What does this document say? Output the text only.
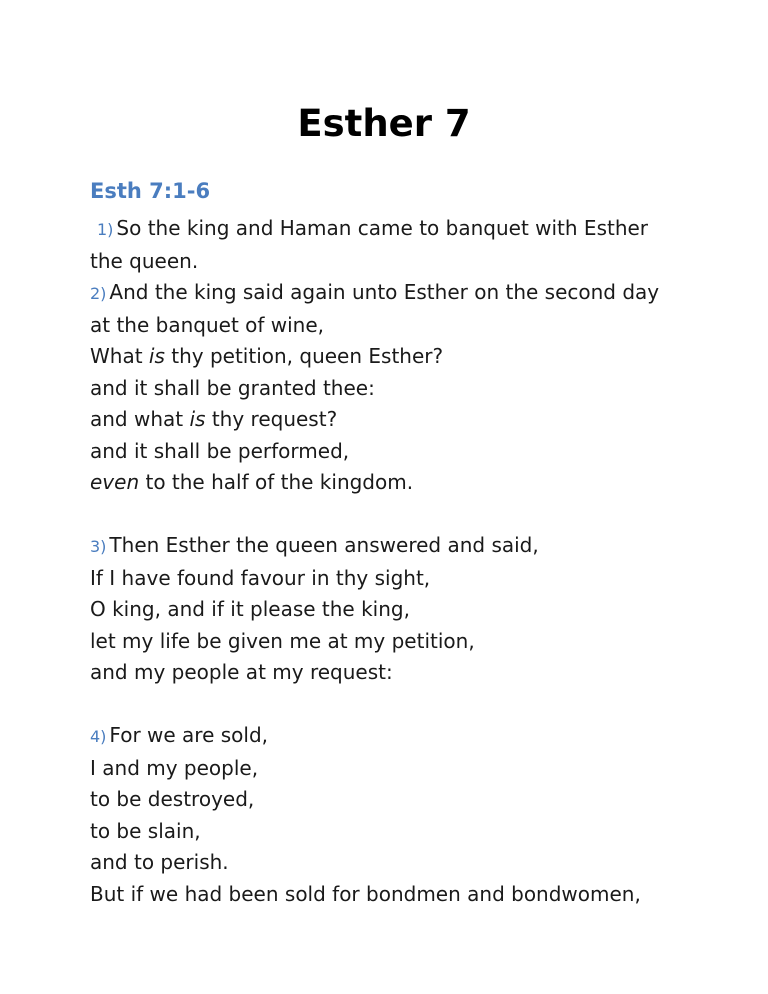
Esther 7
Esth 7:1-6
1) So the king and Haman came to banquet with Esther
the queen.
2) And the king said again unto Esther on the second day
at the banquet of wine,
What is thy petition, queen Esther?
and it shall be granted thee:
and what is thy request?
and it shall be performed,
even to the half of the kingdom.
3) Then Esther the queen answered and said,
If I have found favour in thy sight,
O king, and if it please the king,
let my life be given me at my petition,
and my people at my request:
4) For we are sold,
I and my people,
to be destroyed,
to be slain,
and to perish.
But if we had been sold for bondmen and bondwomen,
